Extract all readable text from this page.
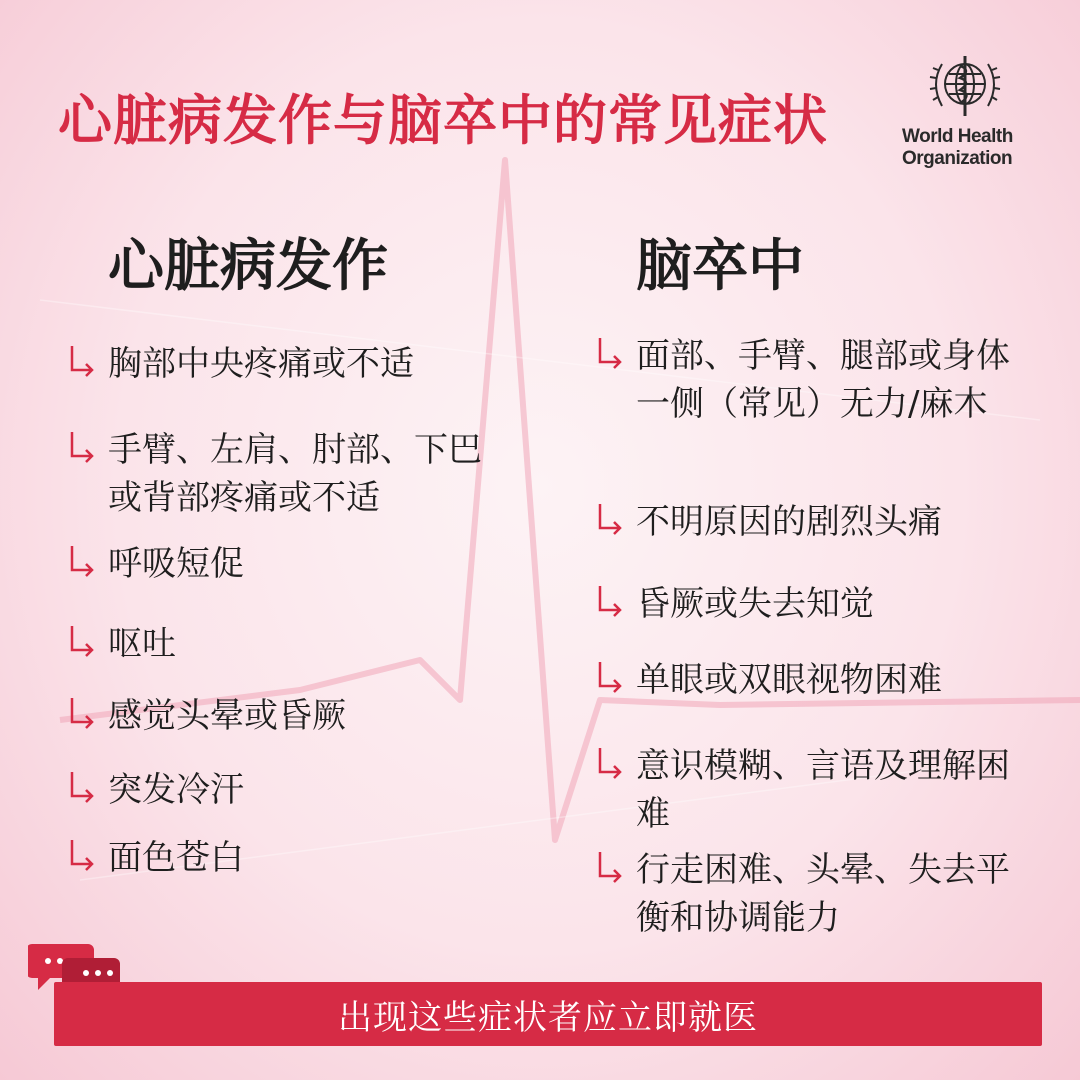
心脏病发作与脑卒中的常见症状	World Health
Organization
心脏病发作	脑卒中
胸部中央疼痛或不适
手臂、左肩、肘部、下巴或背部疼痛或不适
呼吸短促
呕吐
感觉头晕或昏厥
突发冷汗
面色苍白
面部、手臂、腿部或身体一侧（常见）无力/麻木
不明原因的剧烈头痛
昏厥或失去知觉
单眼或双眼视物困难
意识模糊、言语及理解困难
行走困难、头晕、失去平衡和协调能力
出现这些症状者应立即就医
